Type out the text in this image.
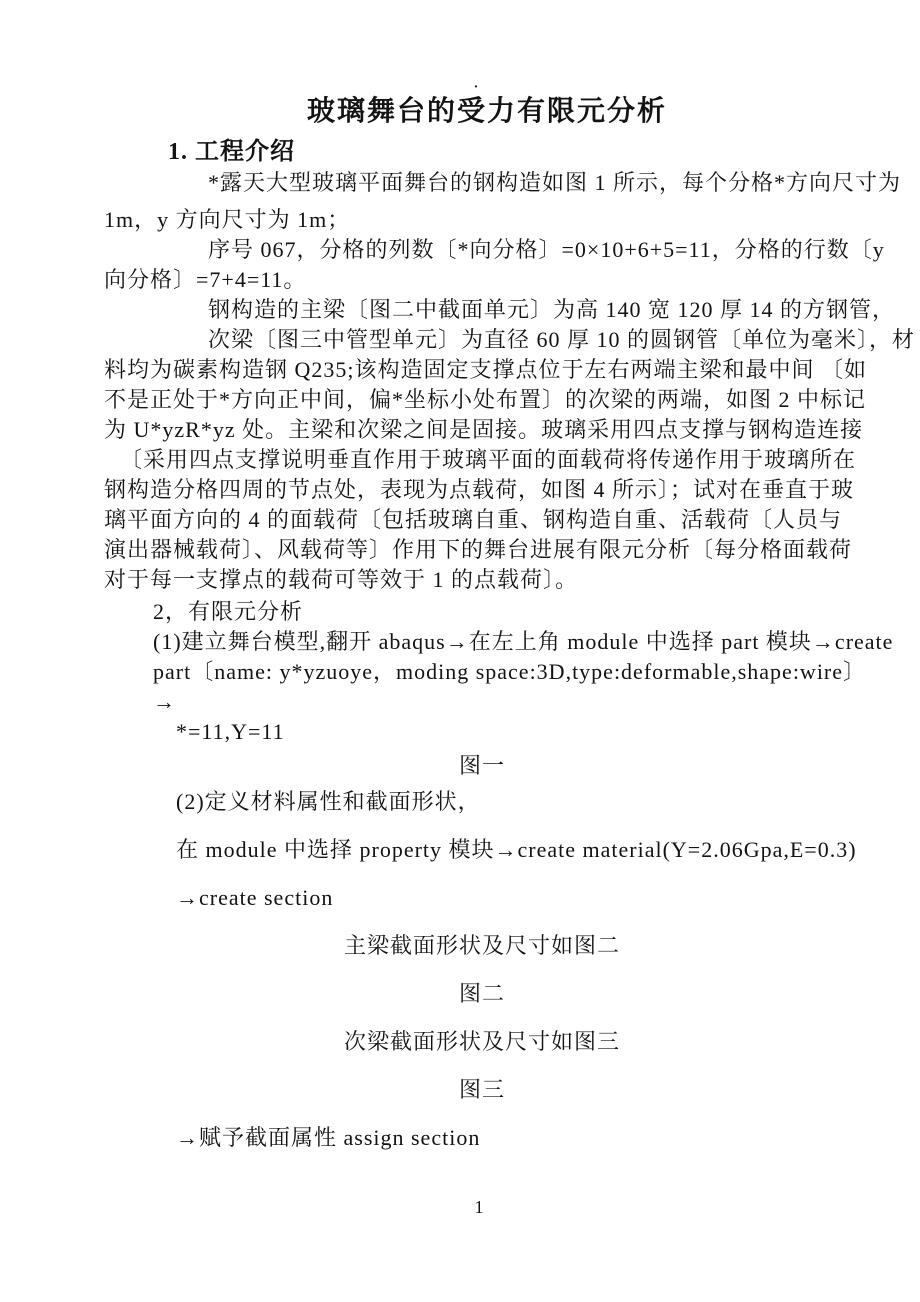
·
玻璃舞台的受力有限元分析
1. 工程介绍
*露天大型玻璃平面舞台的钢构造如图 1 所示，每个分格*方向尺寸为
1m，y 方向尺寸为 1m；
序号 067，分格的列数〔*向分格〕=0×10+6+5=11，分格的行数〔y
向分格〕=7+4=11。
钢构造的主梁〔图二中截面单元〕为高 140 宽 120 厚 14 的方钢管，
次梁〔图三中管型单元〕为直径 60 厚 10 的圆钢管〔单位为毫米〕，材
料均为碳素构造钢 Q235;该构造固定支撑点位于左右两端主梁和最中间 〔如
不是正处于*方向正中间，偏*坐标小处布置〕的次梁的两端，如图 2 中标记
为 U*yzR*yz 处。主梁和次梁之间是固接。玻璃采用四点支撑与钢构造连接
〔采用四点支撑说明垂直作用于玻璃平面的面载荷将传递作用于玻璃所在
钢构造分格四周的节点处，表现为点载荷，如图 4 所示〕；试对在垂直于玻
璃平面方向的 4 的面载荷〔包括玻璃自重、钢构造自重、活载荷〔人员与
演出器械载荷〕、风载荷等〕作用下的舞台进展有限元分析〔每分格面载荷
对于每一支撑点的载荷可等效于 1 的点载荷〕。
2，有限元分析
(1)建立舞台模型,翻开 abaqus→在左上角 module 中选择 part 模块→create
part〔name: y*yzuoye，moding space:3D,type:deformable,shape:wire〕
→
*=11,Y=11
图一
(2)定义材料属性和截面形状，
在 module 中选择 property 模块→create material(Y=2.06Gpa,E=0.3)
→create section
主梁截面形状及尺寸如图二
图二
次梁截面形状及尺寸如图三
图三
→赋予截面属性 assign section
1
